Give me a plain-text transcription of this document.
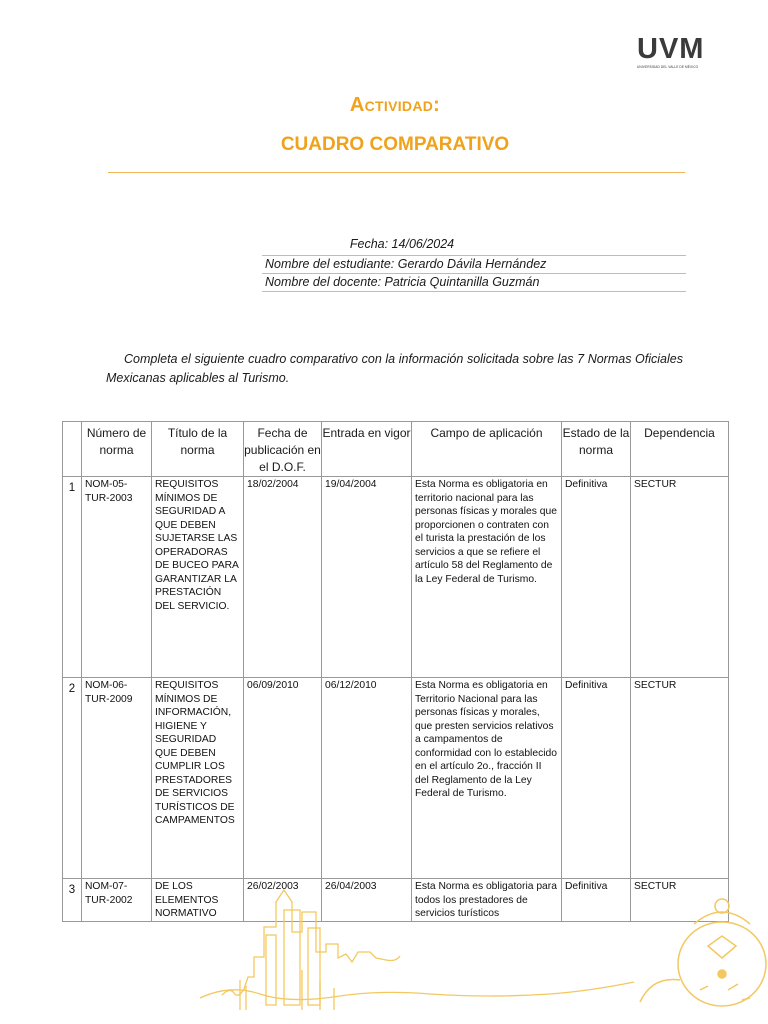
UVM
UNIVERSIDAD DEL VALLE DE MÉXICO
Actividad:
CUADRO COMPARATIVO
Fecha: 14/06/2024
Nombre del estudiante: Gerardo Dávila Hernández
Nombre del docente: Patricia Quintanilla Guzmán
Completa el siguiente cuadro comparativo con la información solicitada sobre las 7 Normas Oficiales Mexicanas aplicables al Turismo.
	Número de norma	Título de la norma	Fecha de publicación en el D.O.F.	Entrada en vigor	Campo de aplicación	Estado de la norma	Dependencia
1	NOM-05-TUR-2003	REQUISITOS MÍNIMOS DE SEGURIDAD A QUE DEBEN SUJETARSE LAS OPERADORAS DE BUCEO PARA GARANTIZAR LA PRESTACIÓN DEL SERVICIO.	18/02/2004	19/04/2004	Esta Norma es obligatoria en territorio nacional para las personas físicas y morales que proporcionen o contraten con el turista la prestación de los servicios a que se refiere el artículo 58 del Reglamento de la Ley Federal de Turismo.	Definitiva	SECTUR
2	NOM-06-TUR-2009	REQUISITOS MÍNIMOS DE INFORMACIÓN, HIGIENE Y SEGURIDAD QUE DEBEN CUMPLIR LOS PRESTADORES DE SERVICIOS TURÍSTICOS DE CAMPAMENTOS	06/09/2010	06/12/2010	Esta Norma es obligatoria en Territorio Nacional para las personas físicas y morales, que presten servicios relativos a campamentos de conformidad con lo establecido en el artículo 2o., fracción II del Reglamento de la Ley Federal de Turismo.	Definitiva	SECTUR
3	NOM-07-TUR-2002	DE LOS ELEMENTOS NORMATIVO	26/02/2003	26/04/2003	Esta Norma es obligatoria para todos los prestadores de servicios turísticos	Definitiva	SECTUR
